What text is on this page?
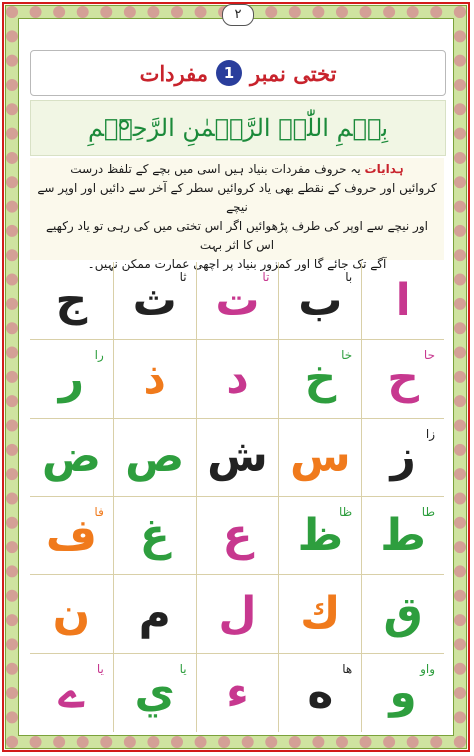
۲
تختی نمبر
1
مفردات
بِسۡمِ اللّٰہِ الرَّحۡمٰنِ الرَّحِیۡمِ

ہدایات یہ حروف مفردات بنیاد ہیں اسی میں بچے کے تلفظ درست

کروائیں اور حروف کے نقطے بھی یاد کروائیں سطر کے آخر سے دائیں اور اوپر سے نیچے

اور نیچے سے اوپر کی طرف پڑھوائیں اگر اس تختی میں کی رہی تو یاد رکھیے اس کا اثر بہت

آگے تک جائے گا اور کمزور بنیاد پر اچھی عمارت ممکن نہیں۔

ا
ب با
ت تا
ث ثا
ج
ح حا
خ خا
د
ذ
ر را
ز زا
س
ش
ص
ض
ط
طا
ظ
ظا
ع
غ
ف
فا
ق
ك
ل
م
ن
و واو
ه ھا
ء
ي یا
ے یا
